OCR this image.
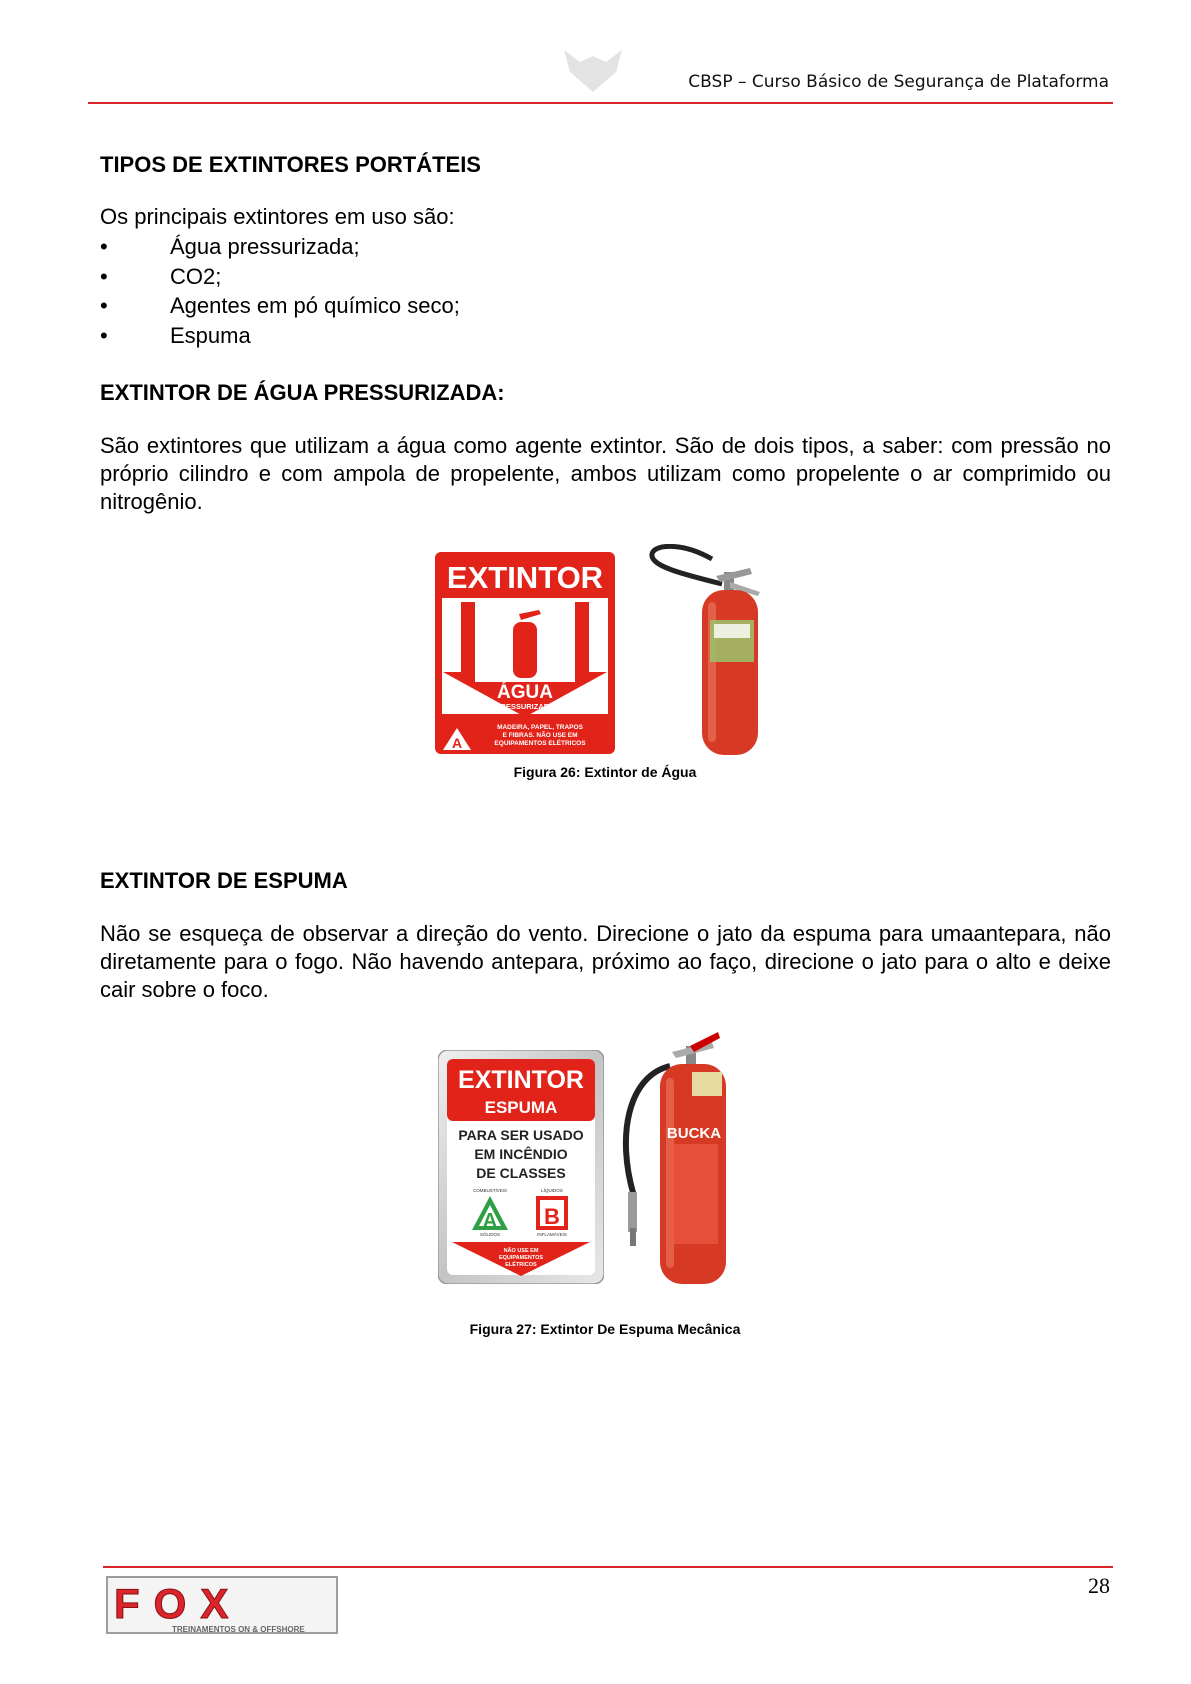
CBSP – Curso Básico de Segurança de Plataforma
TIPOS DE EXTINTORES PORTÁTEIS
Os principais extintores em uso são:
•	Água pressurizada;
•	CO2;
•	Agentes em pó químico seco;
•	Espuma
EXTINTOR DE ÁGUA PRESSURIZADA:
São extintores que utilizam a água como agente extintor. São de dois tipos, a saber: com pressão no próprio cilindro e com ampola de propelente, ambos utilizam como propelente o ar comprimido ou nitrogênio.
EXTINTOR
ÁGUA
PRESSURIZADA
A
MADEIRA, PAPEL, TRAPOS
E FIBRAS. NÃO USE EM
EQUIPAMENTOS ELÉTRICOS
Figura 26: Extintor de Água
EXTINTOR DE ESPUMA
Não se esqueça de observar a direção do vento. Direcione o jato da espuma para umaantepara, não diretamente para o fogo. Não havendo antepara, próximo ao faço, direcione o jato para o alto e deixe cair sobre o foco.
EXTINTOR
ESPUMA
PARA SER USADO
EM INCÊNDIO
DE CLASSES
COMBUSTÍVEIS
A
SÓLIDOS
LÍQUIDOS
B
INFLAMÁVEIS
NÃO USE EM
EQUIPAMENTOS
ELÉTRICOS
BUCKA
Figura 27: Extintor De Espuma Mecânica
28
FOX
TREINAMENTOS ON & OFFSHORE
